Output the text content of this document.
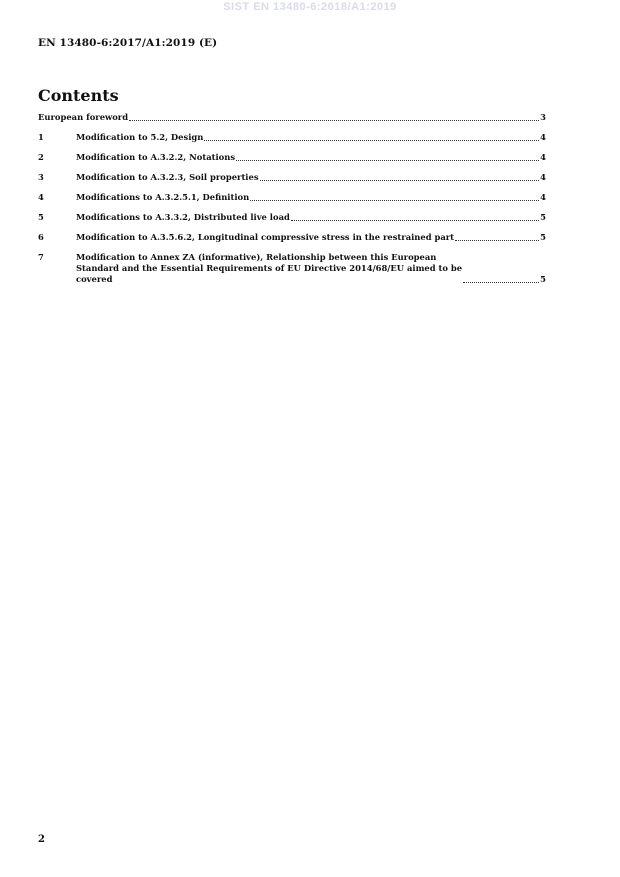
SIST EN 13480-6:2018/A1:2019
EN 13480-6:2017/A1:2019 (E)
Contents
European foreword	3
1	Modification to 5.2, Design	4
2	Modification to A.3.2.2, Notations	4
3	Modification to A.3.2.3, Soil properties	4
4	Modifications to A.3.2.5.1, Definition	4
5	Modifications to A.3.3.2, Distributed live load	5
6	Modification to A.3.5.6.2, Longitudinal compressive stress in the restrained part	5
7	Modification to Annex ZA (informative), Relationship between this European
Standard and the Essential Requirements of EU Directive 2014/68/EU aimed to be
covered	5
2
